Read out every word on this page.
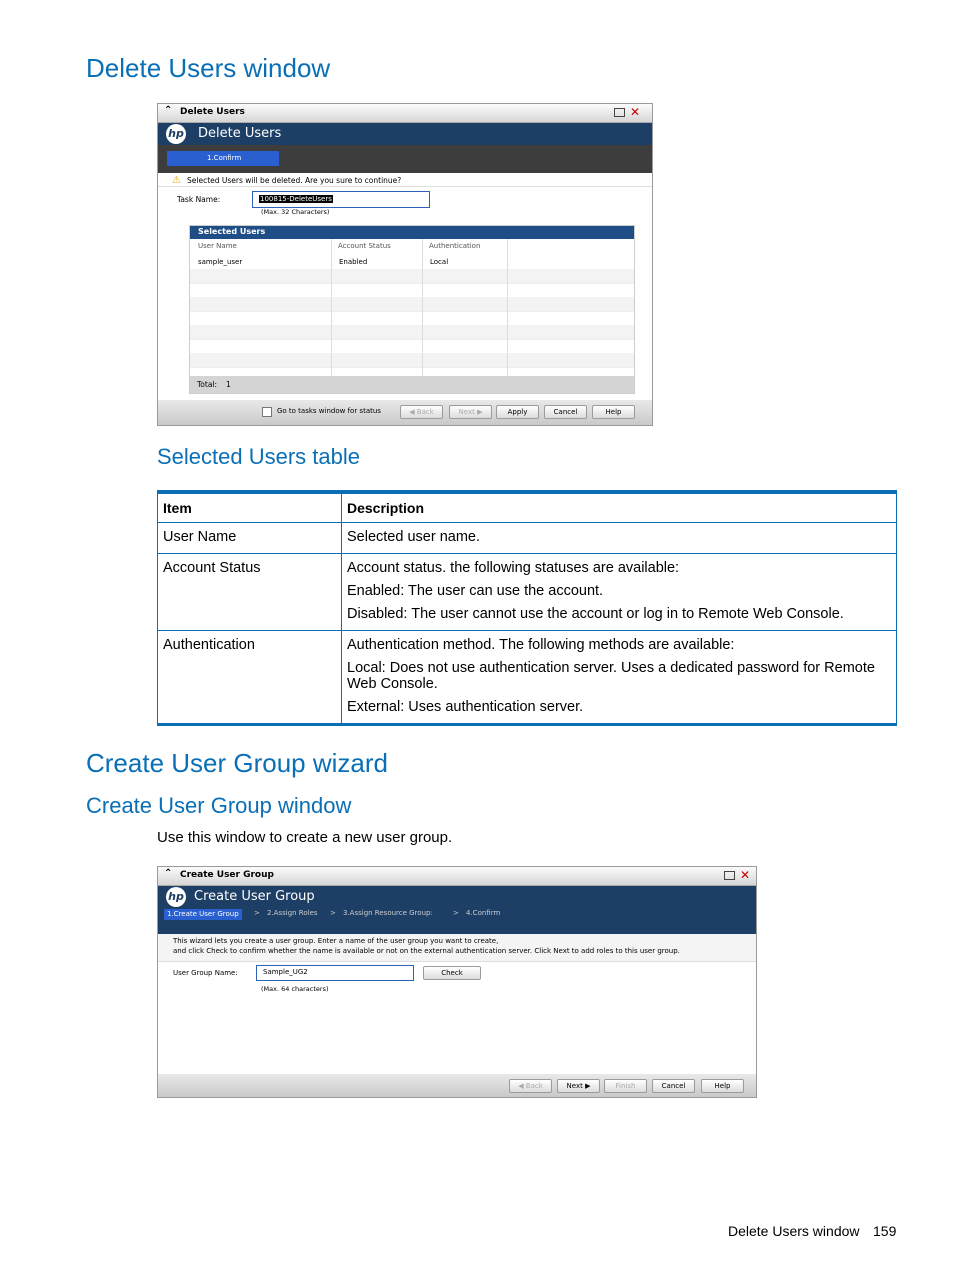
Delete Users window
⌃ Delete Users	✕
hp Delete Users
1.Confirm
⚠ Selected Users will be deleted. Are you sure to continue?
Task Name:	100815-DeleteUsers
(Max. 32 Characters)
Selected Users
User Name	Account Status	Authentication
sample_user	Enabled	Local
Total: 1
Go to tasks window for status	◀ Back	Next ▶	Apply	Cancel	Help
Selected Users table
Item	Description
User Name	Selected user name.

Account Status	Account status. the following statuses are available:

Enabled: The user can use the account.

Disabled: The user cannot use the account or log in to Remote Web Console.

Authentication	Authentication method. The following methods are available:

Local: Does not use authentication server. Uses a dedicated password for Remote Web Console.

External: Uses authentication server.

Create User Group wizard
Create User Group window

Use this window to create a new user group.

⌃ Create User Group	✕
hp Create User Group
1.Create User Group	> 2.Assign Roles > 3.Assign Resource Group:	> 4.Confirm
This wizard lets you create a user group. Enter a name of the user group you want to create,
and click Check to confirm whether the name is available or not on the external authentication server. Click Next to add roles to this user group.
User Group Name:	Sample_UG2	Check
(Max. 64 characters)
◀ Back	Next ▶	Finish	Cancel	Help
Delete Users window 159
